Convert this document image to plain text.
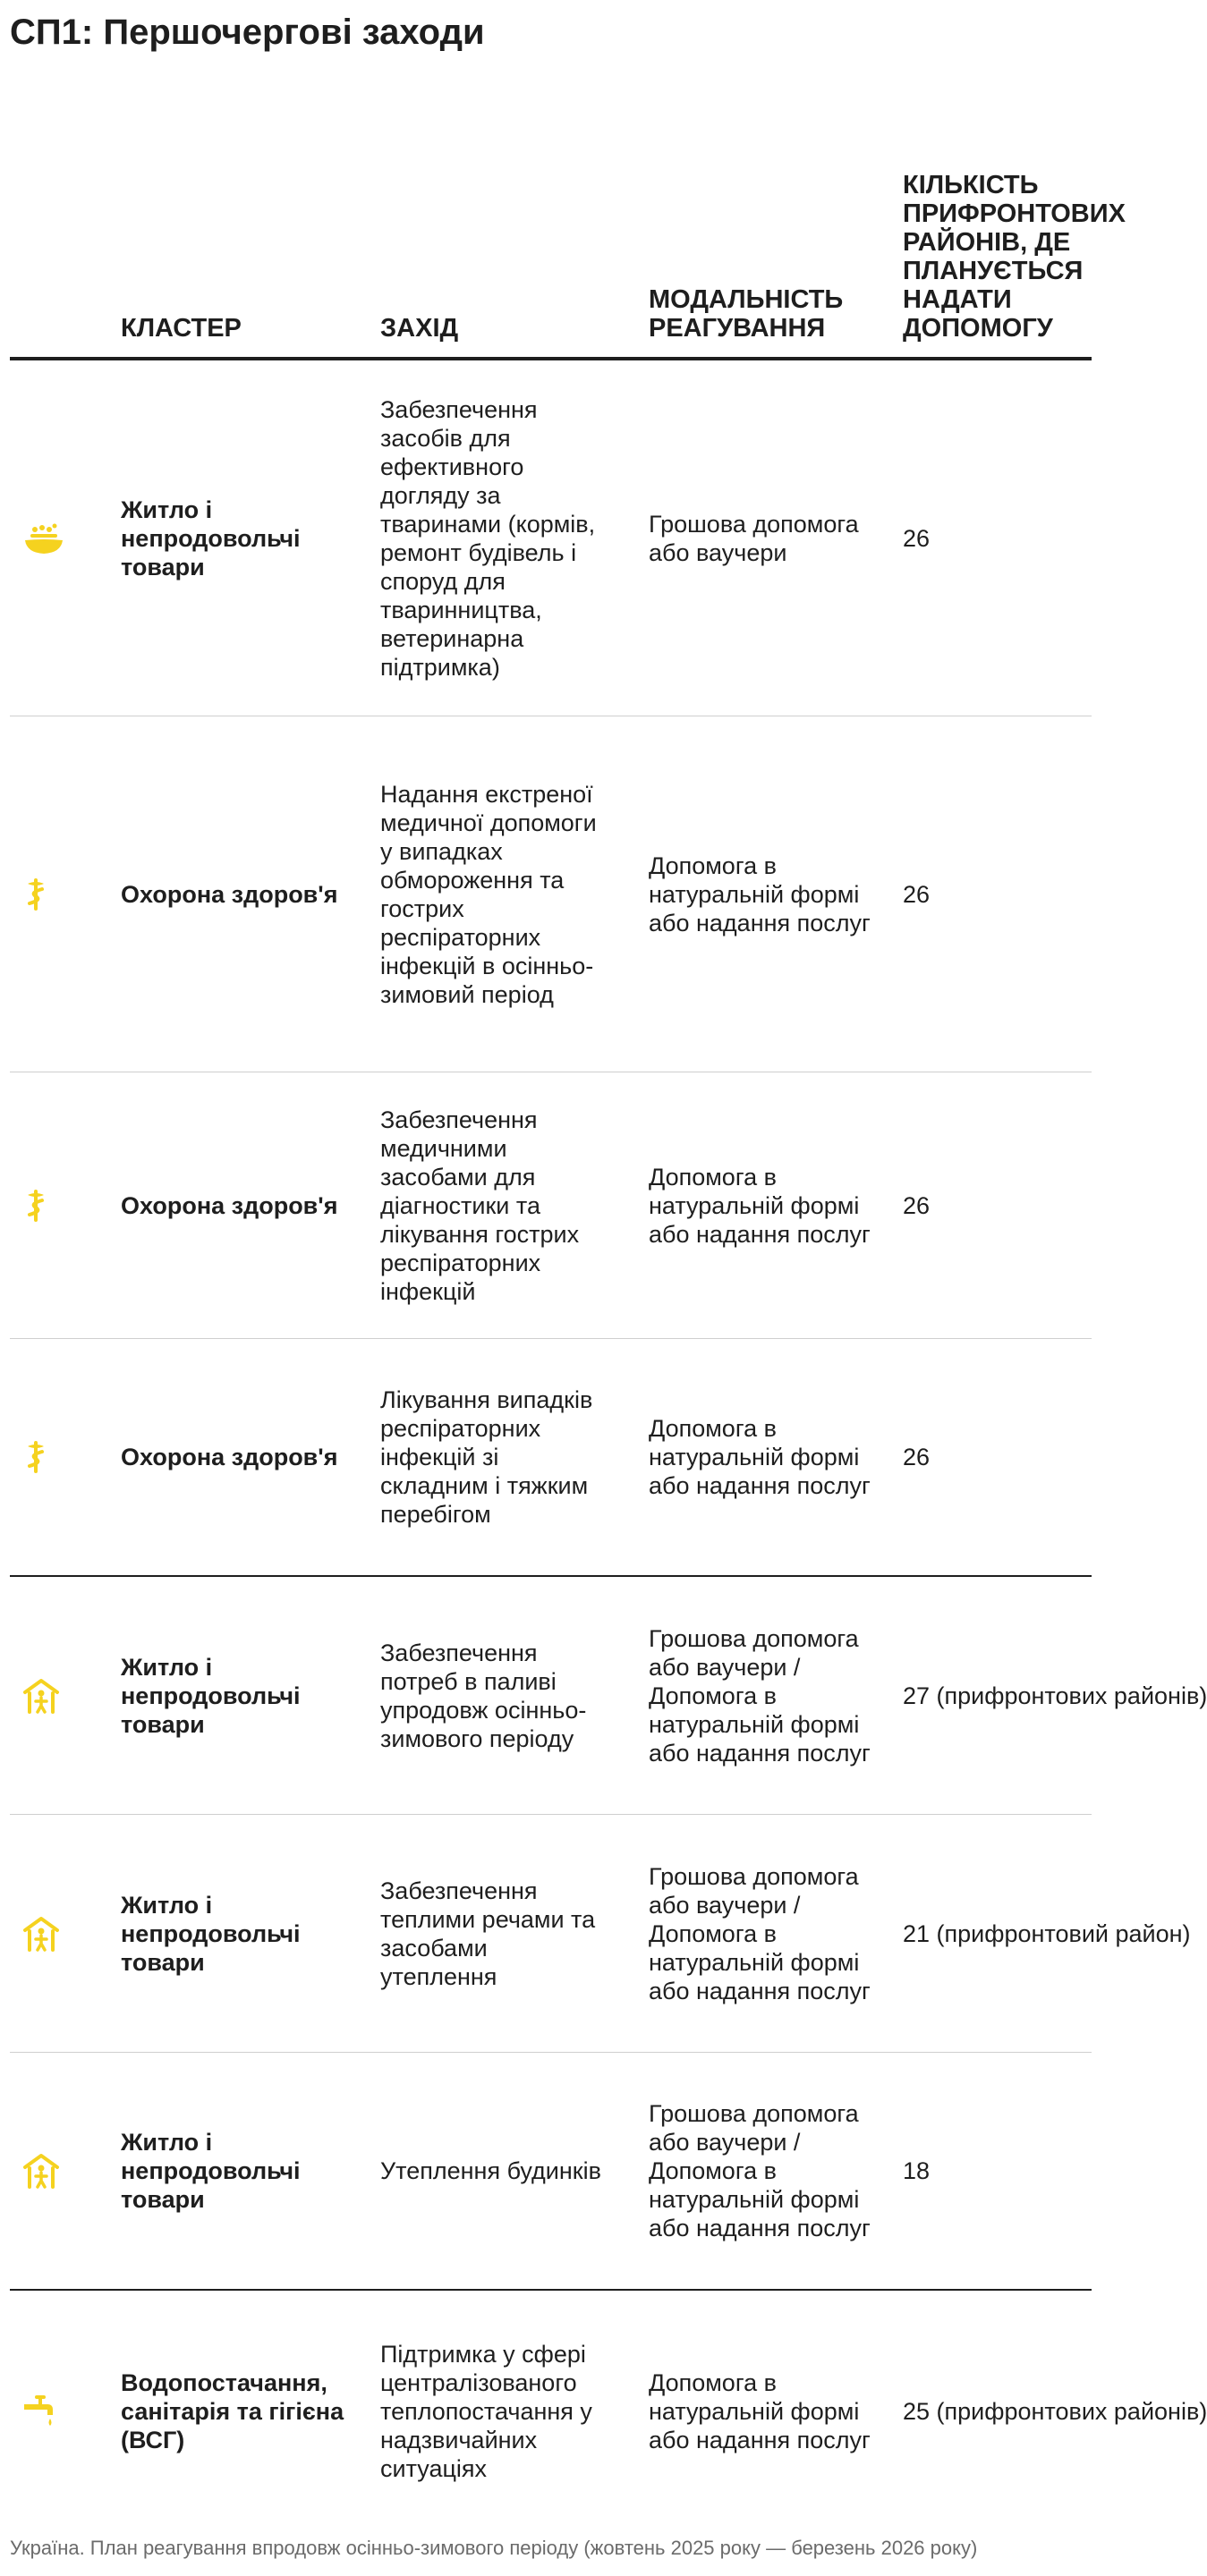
СП1: Першочергові заходи
КЛАСТЕР	ЗАХІД
МОДАЛЬНІСТЬ
РЕАГУВАННЯ
КІЛЬКІСТЬ
ПРИФРОНТОВИХ
РАЙОНІВ, ДЕ
ПЛАНУЄТЬСЯ
НАДАТИ
ДОПОМОГУ
Житло і непродовольчі товари
Забезпечення засобів для ефективного догляду за тваринами (кормів, ремонт будівель і споруд для тваринництва, ветеринарна підтримка)
Грошова допомога або ваучери
26
Охорона здоров'я
Надання екстреної медичної допомоги у випадках обмороження та гострих респіраторних інфекцій в осінньо-зимовий період
Допомога в натуральній формі або надання послуг
26
Охорона здоров'я
Забезпечення медичними засобами для діагностики та лікування гострих респіраторних інфекцій
Допомога в натуральній формі або надання послуг
26
Охорона здоров'я
Лікування випадків респіраторних інфекцій зі складним і тяжким перебігом
Допомога в натуральній формі або надання послуг
26
Житло і непродовольчі товари
Забезпечення потреб в паливі упродовж осінньо-зимового періоду
Грошова допомога або ваучери / Допомога в натуральній формі або надання послуг
27 (прифронтових районів)
Житло і непродовольчі товари
Забезпечення теплими речами та засобами утеплення
Грошова допомога або ваучери / Допомога в натуральній формі або надання послуг
21 (прифронтовий район)
Житло і непродовольчі товари
Утеплення будинків
Грошова допомога або ваучери / Допомога в натуральній формі або надання послуг
18
Водопостачання, санітарія та гігієна (ВСГ)
Підтримка у сфері централізованого теплопостачання у надзвичайних ситуаціях
Допомога в натуральній формі або надання послуг
25 (прифронтових районів)
Україна. План реагування впродовж осінньо-зимового періоду (жовтень 2025 року — березень 2026 року)
